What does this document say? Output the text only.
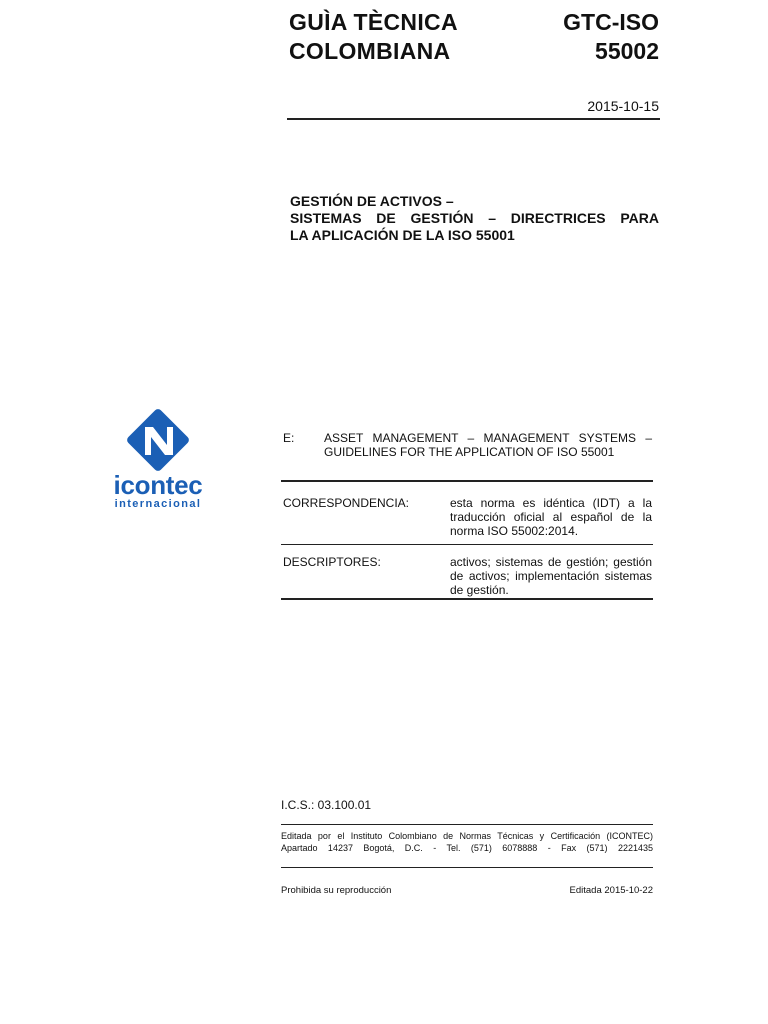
GUÌA TÈCNICA
COLOMBIANA
GTC-ISO
55002
2015-10-15
GESTIÓN DE ACTIVOS –
SISTEMAS DE GESTIÓN – DIRECTRICES PARA
LA APLICACIÓN DE LA ISO 55001
icontec
internacional
E: ASSET MANAGEMENT – MANAGEMENT SYSTEMS –
GUIDELINES FOR THE APPLICATION OF ISO 55001
CORRESPONDENCIA:	esta norma es idéntica (IDT) a la traducción oficial al español de la norma ISO 55002:2014.
DESCRIPTORES:	activos; sistemas de gestión; gestión de activos; implementación sistemas de gestión.
I.C.S.: 03.100.01
Editada por el Instituto Colombiano de Normas Técnicas y Certificación (ICONTEC)
Apartado 14237 Bogotá, D.C. - Tel. (571) 6078888 - Fax (571) 2221435
Prohibida su reproducción	Editada 2015-10-22
